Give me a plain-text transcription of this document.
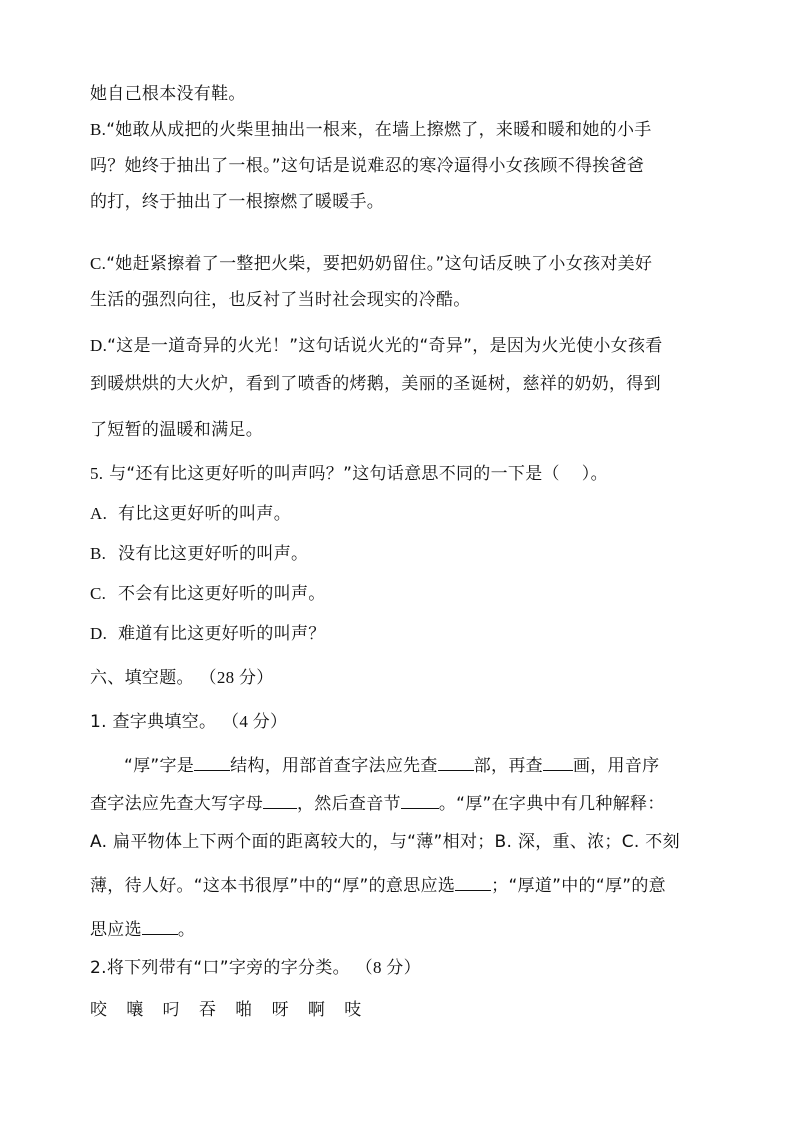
她自己根本没有鞋。

B.“她敢从成把的火柴里抽出一根来，在墙上擦燃了，来暖和暖和她的小手

吗？她终于抽出了一根。”这句话是说难忍的寒冷逼得小女孩顾不得挨爸爸

的打，终于抽出了一根擦燃了暖暖手。

C.“她赶紧擦着了一整把火柴，要把奶奶留住。”这句话反映了小女孩对美好

生活的强烈向往，也反衬了当时社会现实的冷酷。

D.“这是一道奇异的火光！”这句话说火光的“奇异”，是因为火光使小女孩看

到暖烘烘的大火炉，看到了喷香的烤鹅，美丽的圣诞树，慈祥的奶奶，得到

了短暂的温暖和满足。

5. 与“还有比这更好听的叫声吗？”这句话意思不同的一下是（ ）。

A. 有比这更好听的叫声。

B. 没有比这更好听的叫声。

C. 不会有比这更好听的叫声。

D. 难道有比这更好听的叫声？

六、填空题。 （28 分）

1. 查字典填空。 （4 分）

“厚”字是 结构，用部首查字法应先查 部，再查 画，用音序

查字法应先查大写字母 ，然后查音节 。“厚”在字典中有几种解释：

A. 扁平物体上下两个面的距离较大的，与“薄”相对；B. 深，重、浓；C. 不刻

薄，待人好。“这本书很厚”中的“厚”的意思应选 ；“厚道”中的“厚”的意

思应选 。

2.将下列带有“口”字旁的字分类。 （8 分）

咬 嚷 叼 吞 啪 呀 啊 吱
